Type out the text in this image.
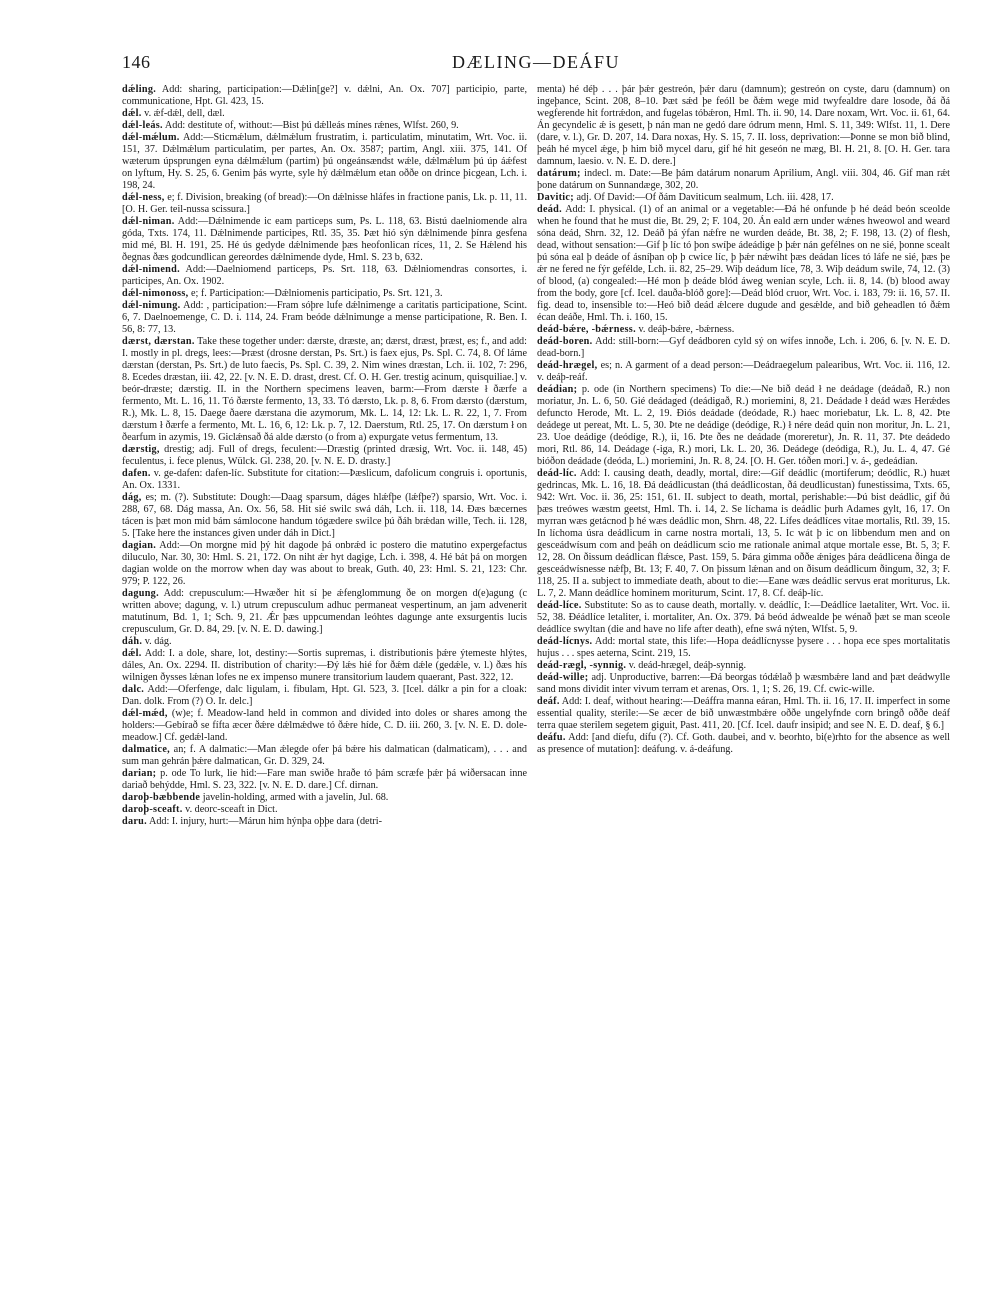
146	DÆLING—DEÁFU

dǽling. Add: sharing, participation:—Dǽlin[ge?] v. dǽlni, An. Ox. 707] participio, parte, communicatione, Hpt. Gl. 423, 15.

dǽl. v. ǽf-dǽl, dell, dæl.

dǽl-leás. Add: destitute of, without:—Bist þú dǽlleás mínes rǽnes, Wlfst. 260, 9.

dǽl-mǽlum. Add:—Sticmǽlum, dǽlmǽlum frustratim, i. particulatim, minutatim, Wrt. Voc. ii. 151, 37. Dǽlmǽlum particulatim, per partes, An. Ox. 3587; partim, Angl. xiii. 375, 141. Of wæterum úpsprungen eyna dǽlmǽlum (partim) þú ongeánsændst wǽle, dǽlmǽlum þú úp áǽfest on lyftum, Hy. S. 25, 6. Genim þás wyrte, syle hý dǽlmǽlum etan oððe on drince þicgean, Lch. i. 198, 24.

dǽl-ness, e; f. Division, breaking (of bread):—On dǽlnisse hláfes in fractione panis, Lk. p. 11, 11. [O. H. Ger. teil-nussa scissura.]

dǽl-niman. Add:—Dǽlnimende ic eam particeps sum, Ps. L. 118, 63. Bistú daelniomende alra góda, Txts. 174, 11. Dǽlnimende participes, Rtl. 35, 35. Þæt hió sýn dǽlnimende þínra gesfena mid mé, Bl. H. 191, 25. Hé ús gedyde dǽlnimende þæs heofonlican ríces, 11, 2. Se Hǽlend his ðegnas ðæs godcundlican gereordes dǽlnimende dyde, Hml. S. 23 b, 632.

dǽl-nimend. Add:—Daelniomend particeps, Ps. Srt. 118, 63. Dǽlniomendras consortes, i. participes, An. Ox. 1902.

dǽl-nimonoss, e; f. Participation:—Dǽlniomenis participatio, Ps. Srt. 121, 3.

dǽl-nimung. Add: , participation:—Fram sóþre lufe dǽlnimenge a caritatis participatione, Scint. 6, 7. Daelnoemenge, C. D. i. 114, 24. Fram beóde dǽlnimunge a mense participatione, R. Ben. I. 56, 8: 77, 13.

dærst, dærstan. Take these together under: dærste, dræste, an; dærst, dræst, þræst, es; f., and add: I. mostly in pl. dregs, lees:—Þræst (drosne derstan, Ps. Srt.) is faex ejus, Ps. Spl. C. 74, 8. Of láme dærstan (derstan, Ps. Srt.) de luto faecis, Ps. Spl. C. 39, 2. Nim wines dræstan, Lch. ii. 102, 7: 296, 8. Ecedes dræstan, iii. 42, 22. [v. N. E. D. drast, drest. Cf. O. H. Ger. trestig acinum, quisquiliae.] v. beór-dræste; dærstig. II. in the Northern specimens leaven, barm:—From dærste ł ðærfe a fermento, Mt. L. 16, 11. Tó ðærste fermento, 13, 33. Tó dærsto, Lk. p. 8, 6. From dærsto (dærstum, R.), Mk. L. 8, 15. Daege ðaere dærstana die azymorum, Mk. L. 14, 12: Lk. L. R. 22, 1, 7. From dærstum ł ðærfe a fermento, Mt. L. 16, 6, 12: Lk. p. 7, 12. Daerstum, Rtl. 25, 17. On dærstum ł on ðearfum in azymis, 19. Giclǽnsað ðá alde dærsto (o from a) expurgate vetus fermentum, 13.

dærstig, drestig; adj. Full of dregs, feculent:—Dræstig (printed dræsig, Wrt. Voc. ii. 148, 45) feculentus, i. fece plenus, Wülck. Gl. 238, 20. [v. N. E. D. drasty.]

dafen. v. ge-dafen: dafen-líc. Substitute for citation:—Þæslicum, dafolicum congruis i. oportunis, An. Ox. 1331.

dág, es; m. (?). Substitute: Dough:—Daag sparsum, dáges hlǽfþe (lǽfþe?) sparsio, Wrt. Voc. i. 288, 67, 68. Dág massa, An. Ox. 56, 58. Hit sié swilc swá dáh, Lch. ii. 118, 14. Ðæs bæcernes tácen is þæt mon mid bám sámlocone handum tógædere swilce þú ðáh brǽdan wille, Tech. ii. 128, 5. [Take here the instances given under dáh in Dict.]

dagian. Add:—On morgne mid þý hit dagode þá onbrǽd ic postero die matutino expergefactus diluculo, Nar. 30, 30: Hml. S. 21, 172. On niht ǽr hyt dagige, Lch. i. 398, 4. Hé bát þá on morgen dagian wolde on the morrow when day was about to break, Guth. 40, 23: Hml. S. 21, 123: Chr. 979; P. 122, 26.

dagung. Add: crepusculum:—Hwæðer hit sí þe ǽfenglommung ðe on morgen d(e)agung (c written above; dagung, v. l.) utrum crepusculum adhuc permaneat vespertinum, an jam advenerit matutinum, Bd. 1, 1; Sch. 9, 21. Ǽr þæs uppcumendan leóhtes dagunge ante exsurgentis lucis crepusculum, Gr. D. 84, 29. [v. N. E. D. dawing.]

dáh. v. dág.

dǽl. Add: I. a dole, share, lot, destiny:—Sortis supremas, i. distributionis þǽre ýtemeste hlýtes, dáles, An. Ox. 2294. II. distribution of charity:—Ðý lǽs hié for ðǽm dǽle (gedǽle, v. l.) ðæs hís wilnigen ðysses lǽnan lofes ne ex impenso munere transitorium laudem quaerant, Past. 322, 12.

dalc. Add:—Oferfenge, dalc ligulam, i. fibulam, Hpt. Gl. 523, 3. [Icel. dálkr a pin for a cloak: Dan. dolk. From (?) O. Ir. delc.]

dǽl-mǽd, (w)e; f. Meadow-land held in common and divided into doles or shares among the holders:—Gebírað se fífta æcer ðǽre dǽlmǽdwe tó ðǽre híde, C. D. iii. 260, 3. [v. N. E. D. dole-meadow.] Cf. gedǽl-land.

dalmatice, an; f. A dalmatic:—Man ǽlegde ofer þá bǽre his dalmatican (dalmaticam), . . . and sum man gehrán þǽre dalmatican, Gr. D. 329, 24.

darian; p. ode To lurk, lie hid:—Fare man swiðe hraðe tó þám scræfe þǽr þá wiðersacan inne dariað behýdde, Hml. S. 23, 322. [v. N. E. D. dare.] Cf. dirnan.

daroþ-bæbbende javelin-holding, armed with a javelin, Jul. 68.

daroþ-sceaft. v. deorc-sceaft in Dict.

daru. Add: I. injury, hurt:—Márun him hýnþa oþþe dara (detri-

menta) hé déþ . . . þár þǽr gestreón, þǽr daru (damnum); gestreón on cyste, daru (damnum) on ingeþance, Scint. 208, 8–10. Þæt sǽd þe feóll be ðǽm wege mid twyfealdre dare losode, ðá ðá wegferende hit fortrǽdon, and fugelas tóbǽron, Hml. Th. ii. 90, 14. Dare noxam, Wrt. Voc. ii. 61, 64. Án gecyndelic ǽ is gesett, þ nán man ne gedó dare ódrum menn, Hml. S. 11, 349: Wlfst. 11, 1. Dere (dare, v. l.), Gr. D. 207, 14. Dara noxas, Hy. S. 15, 7. II. loss, deprivation:—Þonne se mon bið blind, þeáh hé mycel ǽge, þ him bið mycel daru, gif hé hit geseón ne mæg, Bl. H. 21, 8. [O. H. Ger. tara damnum, laesio. v. N. E. D. dere.]

datárum; indecl. m. Date:—Be þám datárum nonarum Aprilium, Angl. viii. 304, 46. Gif man rǽt þone datárum on Sunnandæge, 302, 20.

Davitic; adj. Of David:—Of ðám Daviticum sealmum, Lch. iii. 428, 17.

deád. Add: I. physical. (1) of an animal or a vegetable:—Ðá hé onfunde þ hé deád beón sceolde when he found that he must die, Bt. 29, 2; F. 104, 20. Án eald ærn under wǽnes hweowol and weard sóna deád, Shrn. 32, 12. Deáð þá ýfan nǽfre ne wurden deáde, Bt. 38, 2; F. 198, 13. (2) of flesh, dead, without sensation:—Gif þ líc tó þon swíþe ádeádige þ þǽr nán gefélnes on ne sié, þonne scealt þú sóna eal þ deáde of ásníþan oþ þ cwice líc, þ þǽr nǽwiht þæs deádan líces tó láfe ne sié, þæs þe ǽr ne fered ne fýr gefélde, Lch. ii. 82, 25–29. Wiþ deádum líce, 78, 3. Wiþ deádum swile, 74, 12. (3) of blood, (a) congealed:—Hé mon þ deáde blód áweg wenian scyle, Lch. ii. 8, 14. (b) blood away from the body, gore [cf. Icel. dauða-blóð gore]:—Deád blód cruor, Wrt. Voc. i. 183, 79: ii. 16, 57. II. fig. dead to, insensible to:—Heó bið deád ǽlcere dugude and gesǽlde, and bið geheadlen tó ðǽm écan deáðe, Hml. Th. i. 160, 15.

deád-bǽre, -bǽrness. v. deáþ-bǽre, -bǽrness.

deád-boren. Add: still-born:—Gyf deádboren cyld sý on wífes innoðe, Lch. i. 206, 6. [v. N. E. D. dead-born.]

deád-hrægel, es; n. A garment of a dead person:—Deádraegelum palearibus, Wrt. Voc. ii. 116, 12. v. deáþ-reáf.

deádian; p. ode (in Northern specimens) To die:—Ne bið deád ł ne deádage (deádað, R.) non moriatur, Jn. L. 6, 50. Gié deádaged (deádigað, R.) moriemini, 8, 21. Deádade ł deád wæs Herǽdes defuncto Herode, Mt. L. 2, 19. Ðiós deádade (deódade, R.) haec moriebatur, Lk. L. 8, 42. Þte deádege ut pereat, Mt. L. 5, 30. Þte ne deádige (deódige, R.) ł nére deád quin non moritur, Jn. L. 21, 23. Uoe deádige (deódige, R.), ii, 16. Þte ðes ne deádade (moreretur), Jn. R. 11, 37. Þte deádedo mori, Rtl. 86, 14. Deádage (-iga, R.) mori, Lk. L. 20, 36. Deádege (deódiga, R.), Ju. L. 4, 47. Gé bióðon deádade (deóda, L.) moriemini, Jn. R. 8, 24. [O. H. Ger. tóðen mori.] v. á-, gedeádian.

deád-líc. Add: I. causing death, deadly, mortal, dire:—Gif deádlic (mortiferum; deódlic, R.) huæt gedrincas, Mk. L. 16, 18. Ðá deádlicustan (thá deádlicostan, ðá deudlicustan) funestissima, Txts. 65, 942: Wrt. Voc. ii. 36, 25: 151, 61. II. subject to death, mortal, perishable:—Þú bist deádlic, gif ðú þæs treówes wæstm geetst, Hml. Th. i. 14, 2. Se líchama is deádlic þurh Adames gylt, 16, 17. On myrran wæs getácnod þ hé wæs deádlic mon, Shrn. 48, 22. Lífes deádlíces vitae mortalis, Rtl. 39, 15. In líchoma úsra deádlicum in carne nostra mortali, 13, 5. Ic wát þ ic on libbendum men and on gesceádwísum com and þeáh on deádlicum scio me rationale animal atque mortale esse, Bt. 5, 3; F. 12, 28. On ðissum deádlican flǽsce, Past. 159, 5. Þára gimma oððe ǽniges þára deádlicena ðinga de gesceádwísnesse nǽfþ, Bt. 13; F. 40, 7. On þissum lǽnan and on ðisum deádlicum ðingum, 32, 3; F. 118, 25. II a. subject to immediate death, about to die:—Eane wæs deádlic servus erat moriturus, Lk. L. 7, 2. Mann deádlíce hominem moriturum, Scint. 17, 8. Cf. deáþ-líc.

deád-líce. Substitute: So as to cause death, mortally. v. deádlíc, I:—Deádlíce laetaliter, Wrt. Voc. ii. 52, 38. Ðéádlíce letaliter, i. mortaliter, An. Ox. 379. Þá beód ádwealde þe wénað þæt se man sceole deádlíce swyltan (die and have no life after death), efne swá nýten, Wlfst. 5, 9.

deád-lícnys. Add: mortal state, this life:—Hopa deádlícnysse þysere . . . hopa ece spes mortalitatis hujus . . . spes aeterna, Scint. 219, 15.

deád-rægl, -synnig. v. deád-hrægel, deáþ-synnig.

deád-wille; adj. Unproductive, barren:—Ðá beorgas tódǽlað þ wæsmbǽre land and þæt deádwylle sand mons dividit inter vivum terram et arenas, Ors. 1, 1; S. 26, 19. Cf. cwic-wille.

deáf. Add: I. deaf, without hearing:—Deáffra manna eáran, Hml. Th. ii. 16, 17. II. imperfect in some essential quality, sterile:—Se æcer de bið unwæstmbǽre oððe ungelyfnde corn bringð oððe deáf terra quae sterilem segetem giguit, Past. 411, 20. [Cf. Icel. daufr insipid; and see N. E. D. deaf, § 6.]

deáfu. Add: [and díefu, dífu (?). Cf. Goth. daubei, and v. beorhto, bi(e)rhto for the absence as well as presence of mutation]: deáfung. v. á-deáfung.
